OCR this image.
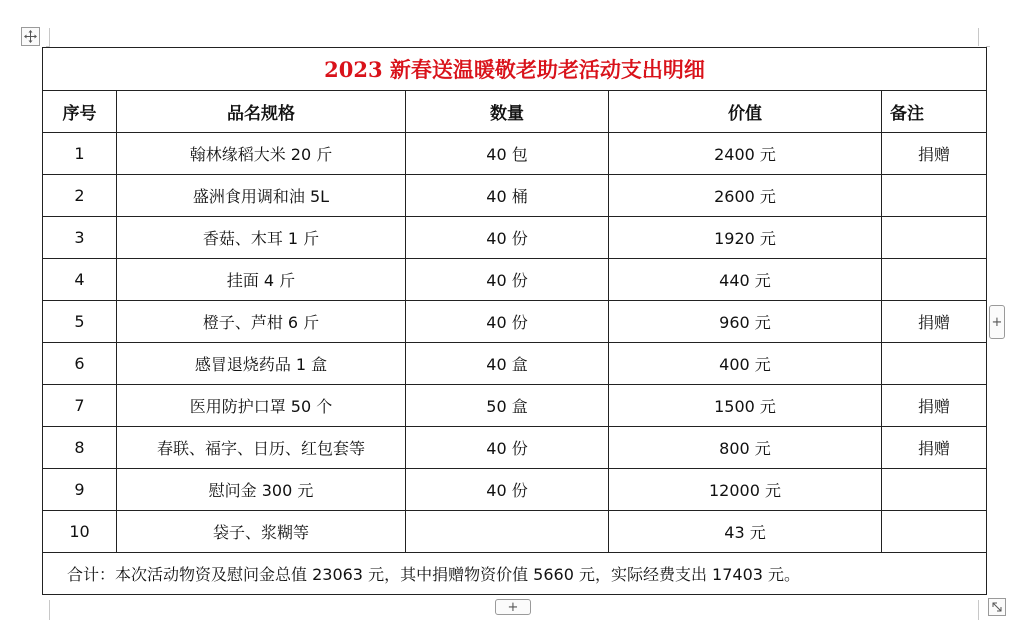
2023 新春送温暖敬老助老活动支出明细				
序号	品名规格	数量	价值	备注
1	翰林缘稻大米 20 斤	40 包	2400 元	捐赠
2	盛洲食用调和油 5L	40 桶	2600 元	
3	香菇、木耳 1 斤	40 份	1920 元	
4	挂面 4 斤	40 份	440 元	
5	橙子、芦柑 6 斤	40 份	960 元	捐赠
6	感冒退烧药品 1 盒	40 盒	400 元	
7	医用防护口罩 50 个	50 盒	1500 元	捐赠
8	春联、福字、日历、红包套等	40 份	800 元	捐赠
9	慰问金 300 元	40 份	12000 元	
10	袋子、浆糊等		43 元	
合计：本次活动物资及慰问金总值 23063 元，其中捐赠物资价值 5660 元，实际经费支出 17403 元。				
+
+
